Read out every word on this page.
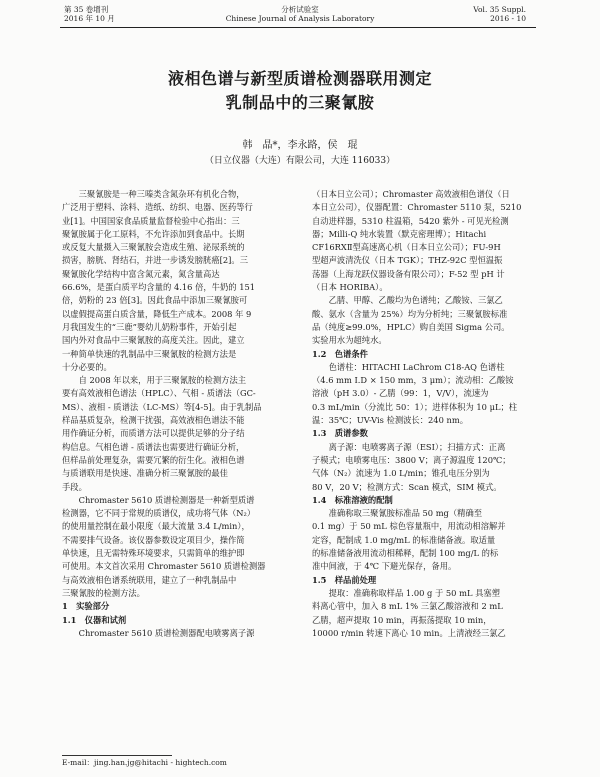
第 35 卷增刊
2016 年 10 月
分析试验室
Chinese Journal of Analysis Laboratory
Vol. 35 Suppl.
2016 - 10
液相色谱与新型质谱检测器联用测定
乳制品中的三聚氰胺
韩　晶*，李永路，侯　琨
（日立仪器（大连）有限公司，大连 116033）

　　三聚氰胺是一种三嗪类含氮杂环有机化合物，

广泛用于塑料、涂料、造纸、纺织、电器、医药等行

业[1]。中国国家食品质量监督检验中心指出：三

聚氰胺属于化工原料，不允许添加到食品中。长期

或反复大量摄入三聚氰胺会造成生殖、泌尿系统的

损害，膀胱、肾结石，并进一步诱发膀胱癌[2]。三

聚氰胺化学结构中富含氮元素，氮含量高达

66.6%，是蛋白质平均含量的 4.16 倍，牛奶的 151

倍，奶粉的 23 倍[3]。因此食品中添加三聚氰胺可

以虚假提高蛋白质含量，降低生产成本。2008 年 9

月我国发生的“三鹿”婴幼儿奶粉事件，开始引起

国内外对食品中三聚氰胺的高度关注。因此，建立

一种简单快速的乳制品中三聚氰胺的检测方法是

十分必要的。

　　自 2008 年以来，用于三聚氰胺的检测方法主

要有高效液相色谱法（HPLC）、气相 - 质谱法（GC-

MS）、液相 - 质谱法（LC-MS）等[4-5]。由于乳制品

样品基质复杂，检测干扰强，高效液相色谱法不能

用作确证分析，而质谱方法可以提供足够的分子结

构信息。气相色谱 - 质谱法也需要进行确证分析，

但样品前处理复杂，需要冗繁的衍生化。液相色谱

与质谱联用是快速、准确分析三聚氰胺的最佳

手段。

　　Chromaster 5610 质谱检测器是一种新型质谱

检测器，它不同于常规的质谱仪，成功将气体（N₂）

的使用量控制在最小限度（最大流量 3.4 L/min），

不需要排气设备。该仪器参数设定项目少，操作简

单快速，且无需特殊环境要求，只需简单的维护即

可使用。本文首次采用 Chromaster 5610 质谱检测器

与高效液相色谱系统联用，建立了一种乳制品中

三聚氰胺的检测方法。

1　实验部分

1.1　仪器和试剂

　　Chromaster 5610 质谱检测器配电喷雾离子源

（日本日立公司）；Chromaster 高效液相色谱仪（日

本日立公司），仪器配置：Chromaster 5110 泵，5210

自动进样器，5310 柱温箱，5420 紫外 - 可见光检测

器；Milli-Q 纯水装置（默克密理博）；Hitachi

CF16RXⅡ型高速离心机（日本日立公司）；FU-9H

型超声波清洗仪（日本 TGK）；THZ-92C 型恒温振

荡器（上海龙跃仪器设备有限公司）；F-52 型 pH 计

（日本 HORIBA）。

　　乙腈、甲醇、乙酸均为色谱纯；乙酸铵、三氯乙

酸、氨水（含量为 25%）均为分析纯；三聚氰胺标准

品（纯度≥99.0%，HPLC）购自美国 Sigma 公司。

实验用水为超纯水。

1.2　色谱条件

　　色谱柱：HITACHI LaChrom C18-AQ 色谱柱

（4.6 mm I.D × 150 mm，3 μm）；流动相：乙酸铵

溶液（pH 3.0）- 乙腈（99：1，V/V），流速为

0.3 mL/min（分流比 50：1）；进样体积为 10 μL；柱

温：35℃；UV-Vis 检测波长：240 nm。

1.3　质谱参数

　　离子源：电喷雾离子源（ESI）；扫描方式：正离

子模式；电喷雾电压：3800 V；离子源温度 120℃；

气体（N₂）流速为 1.0 L/min；锥孔电压分别为

80 V，20 V；检测方式：Scan 模式，SIM 模式。

1.4　标准溶液的配制

　　准确称取三聚氰胺标准品 50 mg（精确至

0.1 mg）于 50 mL 棕色容量瓶中，用流动相溶解并

定容，配制成 1.0 mg/mL 的标准储备液。取适量

的标准储备液用流动相稀释，配制 100 mg/L 的标

准中间液，于 4℃ 下避光保存，备用。

1.5　样品前处理

　　提取：准确称取样品 1.00 g 于 50 mL 具塞塑

料离心管中，加入 8 mL 1% 三氯乙酸溶液和 2 mL

乙腈，超声提取 10 min，再振荡提取 10 min，

10000 r/min 转速下离心 10 min。上清液经三氯乙

E-mail：jing.han.jg@hitachi - hightech.com
